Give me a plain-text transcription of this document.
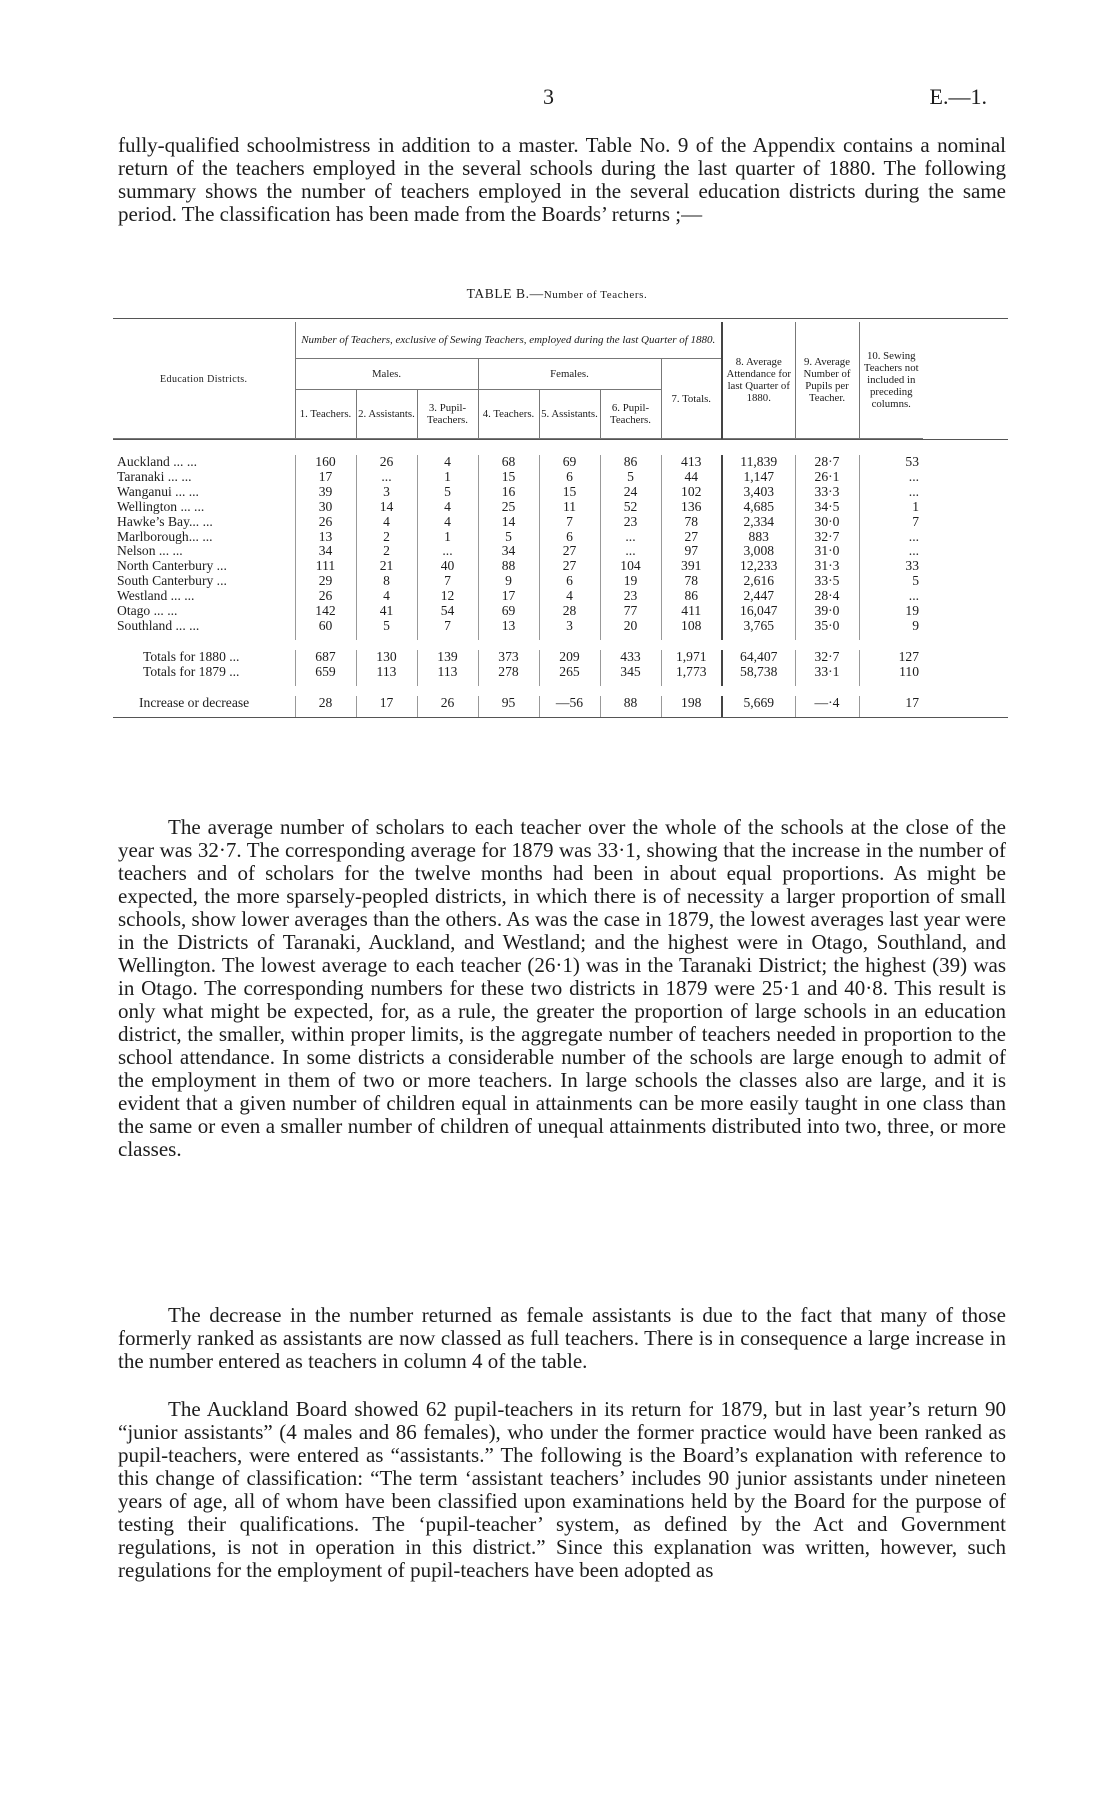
3	E.—1.

fully-qualified schoolmistress in addition to a master. Table No. 9 of the Appendix contains a nominal return of the teachers employed in the several schools during the last quarter of 1880. The following summary shows the number of teachers employed in the several education districts during the same period. The classification has been made from the Boards’ returns ;—

TABLE B.—Number of Teachers.
Education Districts.	Number of Teachers, exclusive of Sewing Teachers, employed during the last Quarter of 1880.							8. Average Attendance for last Quarter of 1880.	9. Average Number of Pupils per Teacher.	10. Sewing Teachers not included in preceding columns.
	Males.			Females.			7. Totals.			
	1. Teachers.	2. Assistants.	3. Pupil-Teachers.	4. Teachers.	5. Assistants.	6. Pupil-Teachers.				

Auckland ... ...	160	26	4	68	69	86	413	11,839	28·7	53
Taranaki ... ...	17	...	1	15	6	5	44	1,147	26·1	...
Wanganui ... ...	39	3	5	16	15	24	102	3,403	33·3	...
Wellington ... ...	30	14	4	25	11	52	136	4,685	34·5	1
Hawke’s Bay... ...	26	4	4	14	7	23	78	2,334	30·0	7
Marlborough... ...	13	2	1	5	6	...	27	883	32·7	...
Nelson ... ...	34	2	...	34	27	...	97	3,008	31·0	...
North Canterbury ...	111	21	40	88	27	104	391	12,233	31·3	33
South Canterbury ...	29	8	7	9	6	19	78	2,616	33·5	5
Westland ... ...	26	4	12	17	4	23	86	2,447	28·4	...
Otago ... ...	142	41	54	69	28	77	411	16,047	39·0	19
Southland ... ...	60	5	7	13	3	20	108	3,765	35·0	9

Totals for 1880 ...	687	130	139	373	209	433	1,971	64,407	32·7	127
Totals for 1879 ...	659	113	113	278	265	345	1,773	58,738	33·1	110

Increase or decrease	28	17	26	95	—56	88	198	5,669	—·4	17

The average number of scholars to each teacher over the whole of the schools at the close of the year was 32·7. The corresponding average for 1879 was 33·1, showing that the increase in the number of teachers and of scholars for the twelve months had been in about equal proportions. As might be expected, the more sparsely-peopled districts, in which there is of necessity a larger proportion of small schools, show lower averages than the others. As was the case in 1879, the lowest averages last year were in the Districts of Taranaki, Auckland, and Westland; and the highest were in Otago, Southland, and Wellington. The lowest average to each teacher (26·1) was in the Taranaki District; the highest (39) was in Otago. The corresponding numbers for these two districts in 1879 were 25·1 and 40·8. This result is only what might be expected, for, as a rule, the greater the proportion of large schools in an education district, the smaller, within proper limits, is the aggregate number of teachers needed in proportion to the school attendance. In some districts a considerable number of the schools are large enough to admit of the employment in them of two or more teachers. In large schools the classes also are large, and it is evident that a given number of children equal in attainments can be more easily taught in one class than the same or even a smaller number of children of unequal attainments distributed into two, three, or more classes.

The decrease in the number returned as female assistants is due to the fact that many of those formerly ranked as assistants are now classed as full teachers. There is in consequence a large increase in the number entered as teachers in column 4 of the table.

The Auckland Board showed 62 pupil-teachers in its return for 1879, but in last year’s return 90 “junior assistants” (4 males and 86 females), who under the former practice would have been ranked as pupil-teachers, were entered as “assistants.” The following is the Board’s explanation with reference to this change of classification: “The term ‘assistant teachers’ includes 90 junior assistants under nineteen years of age, all of whom have been classified upon examinations held by the Board for the purpose of testing their qualifications. The ‘pupil-teacher’ system, as defined by the Act and Government regulations, is not in operation in this district.” Since this explanation was written, however, such regulations for the employment of pupil-teachers have been adopted as
